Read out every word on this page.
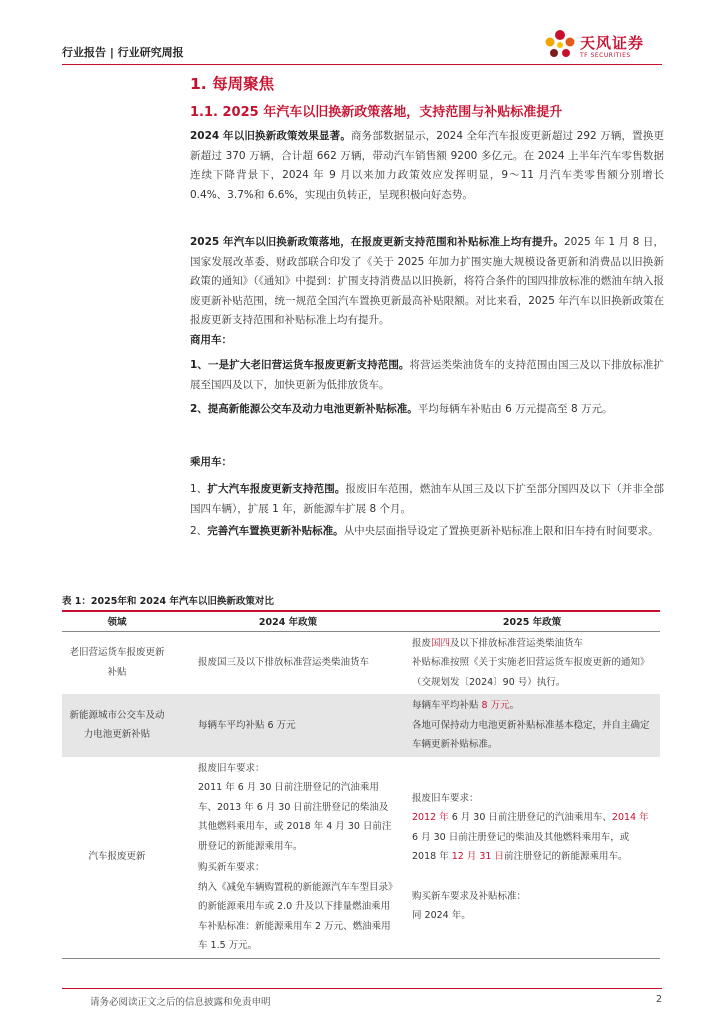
行业报告 | 行业研究周报
天风证券
TF SECURITIES
1. 每周聚焦
1.1. 2025 年汽车以旧换新政策落地，支持范围与补贴标准提升

2024 年以旧换新政策效果显著。商务部数据显示，2024 全年汽车报废更新超过 292 万辆，置换更新超过 370 万辆，合计超 662 万辆，带动汽车销售额 9200 多亿元。在 2024 上半年汽车零售数据连续下降背景下，2024 年 9 月以来加力政策效应发挥明显，9～11 月汽车类零售额分别增长 0.4%、3.7%和 6.6%，实现由负转正，呈现积极向好态势。

2025 年汽车以旧换新政策落地，在报废更新支持范围和补贴标准上均有提升。2025 年 1 月 8 日，国家发展改革委、财政部联合印发了《关于 2025 年加力扩围实施大规模设备更新和消费品以旧换新政策的通知》（《通知》中提到：扩围支持消费品以旧换新，将符合条件的国四排放标准的燃油车纳入报废更新补贴范围，统一规范全国汽车置换更新最高补贴限额。对比来看，2025 年汽车以旧换新政策在报废更新支持范围和补贴标准上均有提升。

商用车：

1、一是扩大老旧营运货车报废更新支持范围。将营运类柴油货车的支持范围由国三及以下排放标准扩展至国四及以下，加快更新为低排放货车。

2、提高新能源公交车及动力电池更新补贴标准。平均每辆车补贴由 6 万元提高至 8 万元。

乘用车：

1、扩大汽车报废更新支持范围。报废旧车范围，燃油车从国三及以下扩至部分国四及以下（并非全部国四车辆），扩展 1 年，新能源车扩展 8 个月。

2、完善汽车置换更新补贴标准。从中央层面指导设定了置换更新补贴标准上限和旧车持有时间要求。

表 1：2025年和 2024 年汽车以旧换新政策对比
领域	2024 年政策	2025 年政策
老旧营运货车报废更新补贴	报废国三及以下排放标准营运类柴油货车	报废国四及以下排放标准营运类柴油货车
补贴标准按照《关于实施老旧营运货车报废更新的通知》（交规划发〔2024〕90 号）执行。

新能源城市公交车及动力电池更新补贴	每辆车平均补贴 6 万元	每辆车平均补贴 8 万元。
各地可保持动力电池更新补贴标准基本稳定，并自主确定车辆更新补贴标准。

汽车报废更新	报废旧车要求：
2011 年 6 月 30 日前注册登记的汽油乘用车、2013 年 6 月 30 日前注册登记的柴油及其他燃料乘用车，或 2018 年 4 月 30 日前注册登记的新能源乘用车。
购买新车要求：
纳入《减免车辆购置税的新能源汽车车型目录》的新能源乘用车或 2.0 升及以下排量燃油乘用车补贴标准：新能源乘用车 2 万元、燃油乘用车 1.5 万元。	报废旧车要求：
2012 年 6 月 30 日前注册登记的汽油乘用车、2014 年 6 月 30 日前注册登记的柴油及其他燃料乘用车，或 2018 年 12 月 31 日前注册登记的新能源乘用车。
购买新车要求及补贴标准：
同 2024 年。
请务必阅读正文之后的信息披露和免责申明	2
